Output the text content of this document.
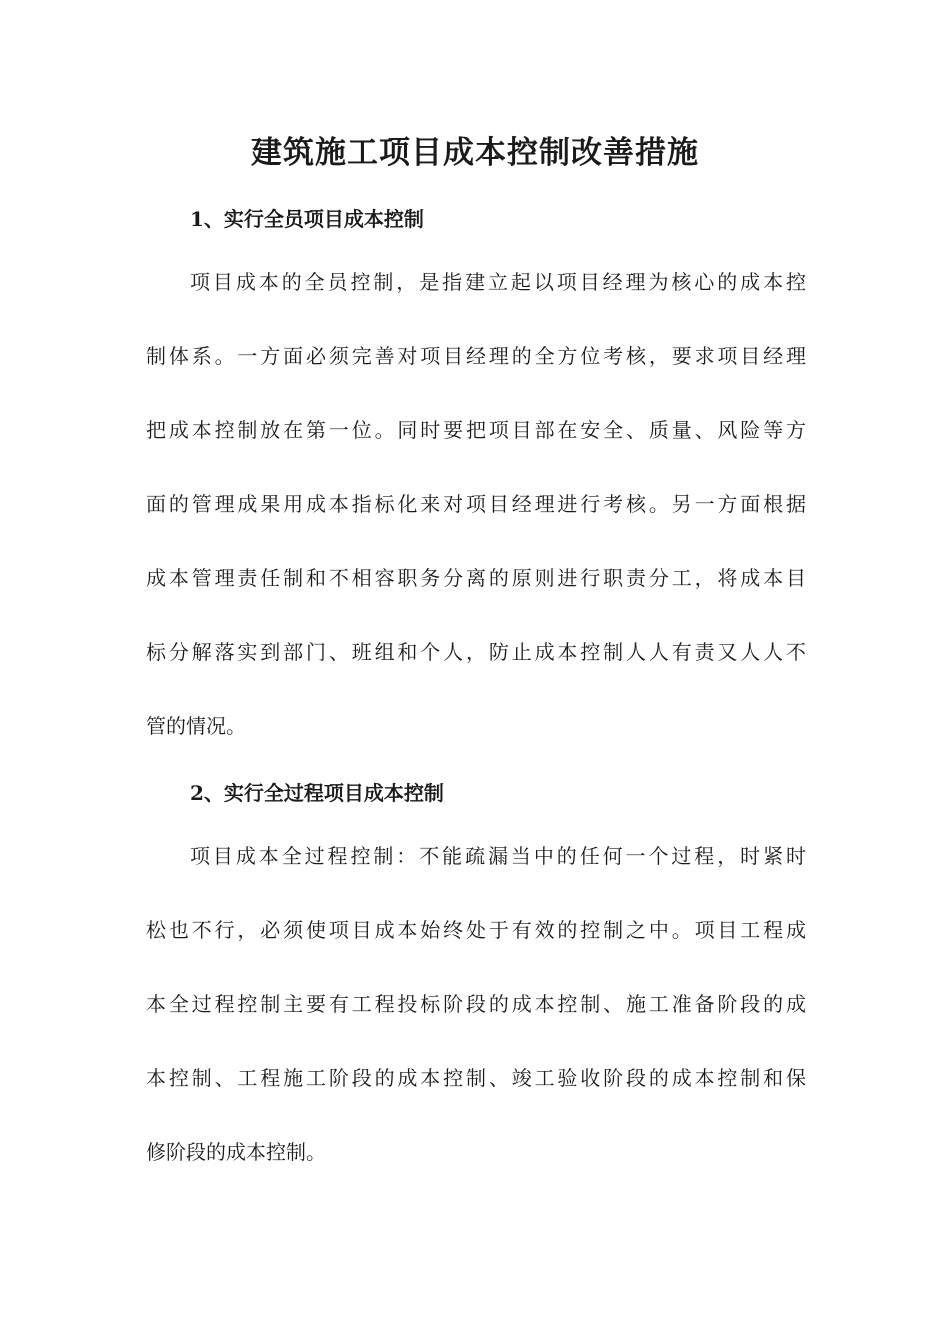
建筑施工项目成本控制改善措施
1、实行全员项目成本控制
项目成本的全员控制，是指建立起以项目经理为核心的成本控
制体系。一方面必须完善对项目经理的全方位考核，要求项目经理
把成本控制放在第一位。同时要把项目部在安全、质量、风险等方
面的管理成果用成本指标化来对项目经理进行考核。另一方面根据
成本管理责任制和不相容职务分离的原则进行职责分工，将成本目
标分解落实到部门、班组和个人，防止成本控制人人有责又人人不
管的情况。
2、实行全过程项目成本控制
项目成本全过程控制：不能疏漏当中的任何一个过程，时紧时
松也不行，必须使项目成本始终处于有效的控制之中。项目工程成
本全过程控制主要有工程投标阶段的成本控制、施工准备阶段的成
本控制、工程施工阶段的成本控制、竣工验收阶段的成本控制和保
修阶段的成本控制。
